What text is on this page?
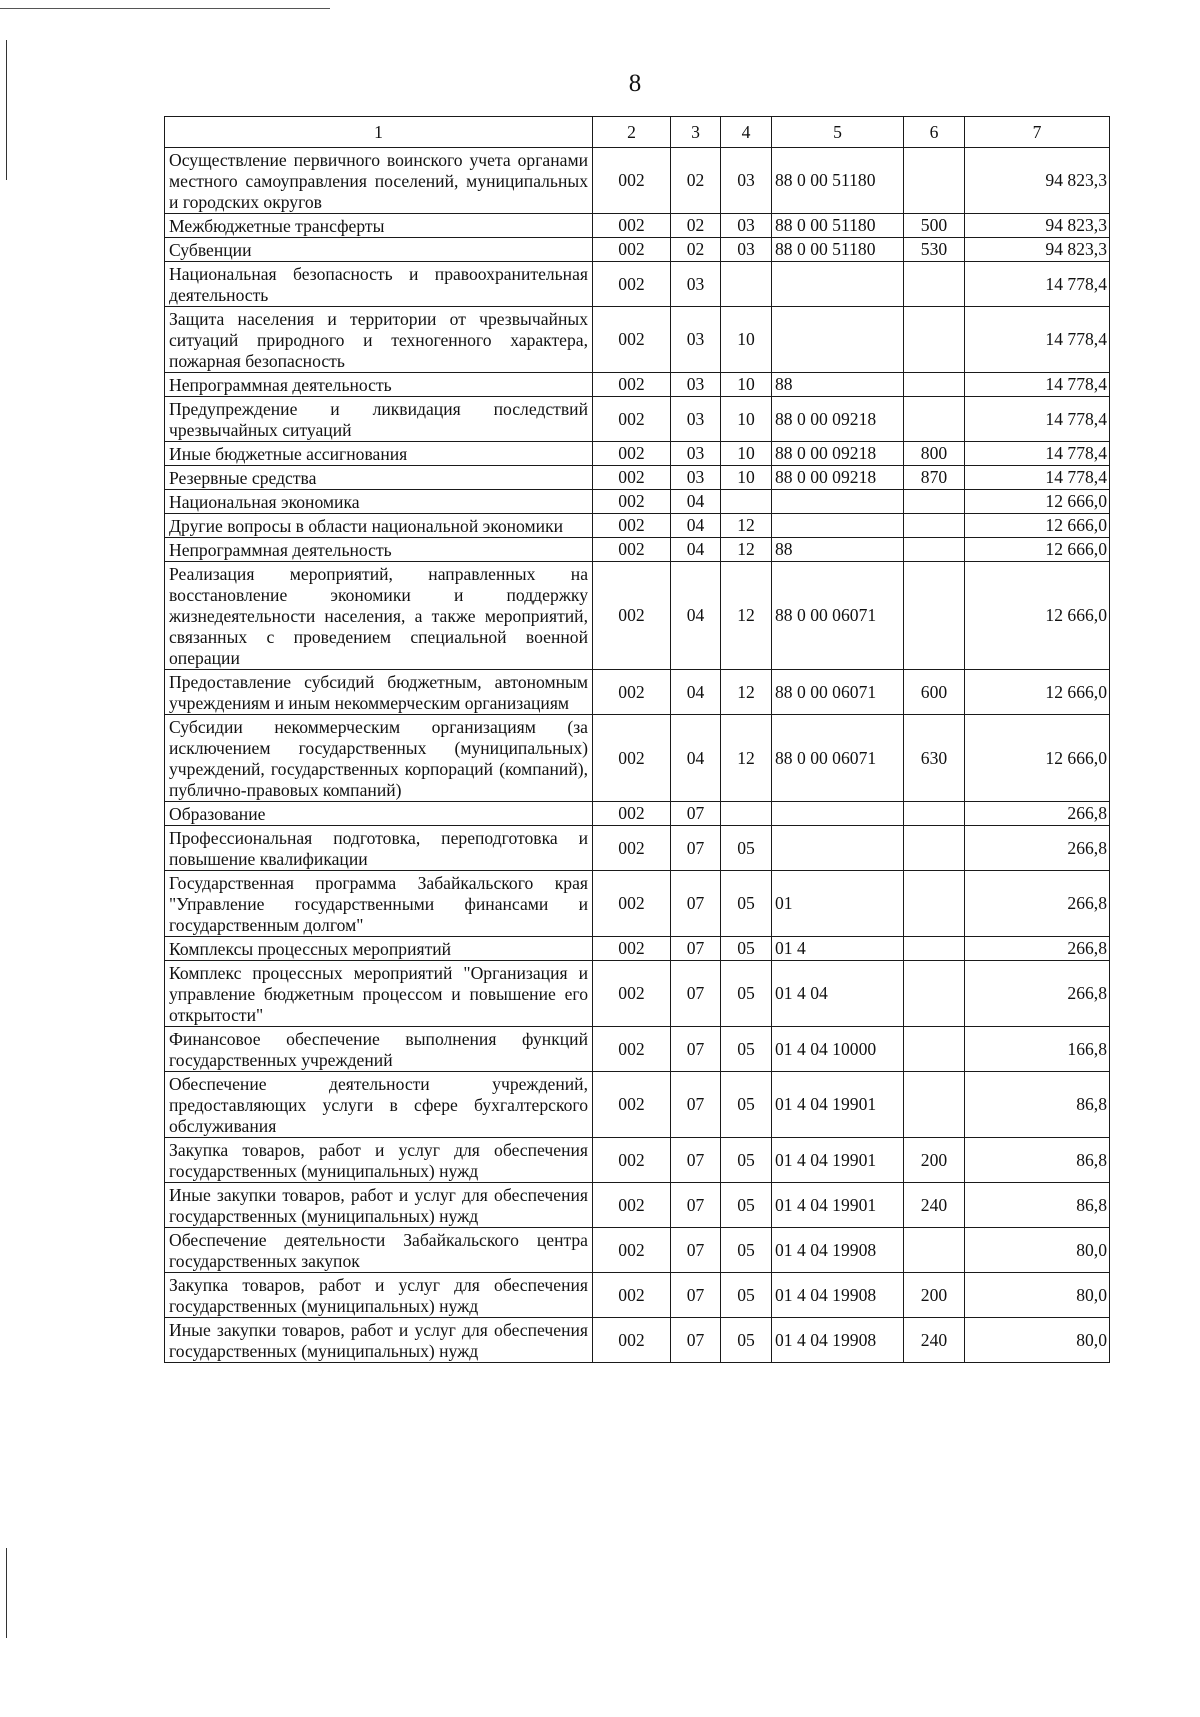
8
1	2	3	4	5	6	7
Осуществление первичного воинского учета органами местного самоуправления поселений, муниципальных и городских округов	002	02	03	88 0 00 51180		94 823,3
Межбюджетные трансферты	002	02	03	88 0 00 51180	500	94 823,3
Субвенции	002	02	03	88 0 00 51180	530	94 823,3
Национальная безопасность и правоохранительная деятельность	002	03				14 778,4
Защита населения и территории от чрезвычайных ситуаций природного и техногенного характера, пожарная безопасность	002	03	10			14 778,4
Непрограммная деятельность	002	03	10	88		14 778,4
Предупреждение и ликвидация последствий чрезвычайных ситуаций	002	03	10	88 0 00 09218		14 778,4
Иные бюджетные ассигнования	002	03	10	88 0 00 09218	800	14 778,4
Резервные средства	002	03	10	88 0 00 09218	870	14 778,4
Национальная экономика	002	04				12 666,0
Другие вопросы в области национальной экономики	002	04	12			12 666,0
Непрограммная деятельность	002	04	12	88		12 666,0
Реализация мероприятий, направленных на восстановление экономики и поддержку жизнедеятельности населения, а также мероприятий, связанных с проведением специальной военной операции	002	04	12	88 0 00 06071		12 666,0
Предоставление субсидий бюджетным, автономным учреждениям и иным некоммерческим организациям	002	04	12	88 0 00 06071	600	12 666,0
Субсидии некоммерческим организациям (за исключением государственных (муниципальных) учреждений, государственных корпораций (компаний), публично-правовых компаний)	002	04	12	88 0 00 06071	630	12 666,0
Образование	002	07				266,8
Профессиональная подготовка, переподготовка и повышение квалификации	002	07	05			266,8
Государственная программа Забайкальского края "Управление государственными финансами и государственным долгом"	002	07	05	01		266,8
Комплексы процессных мероприятий	002	07	05	01 4		266,8
Комплекс процессных мероприятий "Организация и управление бюджетным процессом и повышение его открытости"	002	07	05	01 4 04		266,8
Финансовое обеспечение выполнения функций государственных учреждений	002	07	05	01 4 04 10000		166,8
Обеспечение деятельности учреждений, предоставляющих услуги в сфере бухгалтерского обслуживания	002	07	05	01 4 04 19901		86,8
Закупка товаров, работ и услуг для обеспечения государственных (муниципальных) нужд	002	07	05	01 4 04 19901	200	86,8
Иные закупки товаров, работ и услуг для обеспечения государственных (муниципальных) нужд	002	07	05	01 4 04 19901	240	86,8
Обеспечение деятельности Забайкальского центра государственных закупок	002	07	05	01 4 04 19908		80,0
Закупка товаров, работ и услуг для обеспечения государственных (муниципальных) нужд	002	07	05	01 4 04 19908	200	80,0
Иные закупки товаров, работ и услуг для обеспечения государственных (муниципальных) нужд	002	07	05	01 4 04 19908	240	80,0
